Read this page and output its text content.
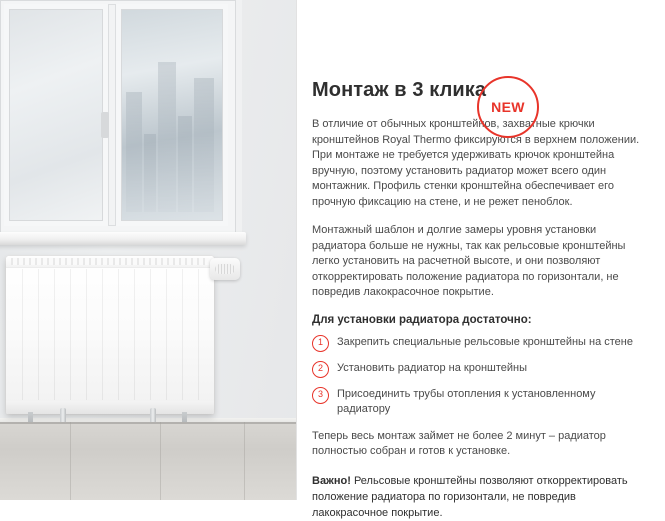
NEW
Монтаж в 3 клика

В отличие от обычных кронштейнов, захватные крючки кронштейнов Royal Thermo фиксируются в верхнем положении. При монтаже не требуется удерживать крючок кронштейна вручную, поэтому установить радиатор может всего один монтажник. Профиль стенки кронштейна обеспечивает его прочную фиксацию на стене, и не режет пеноблок.

Монтажный шаблон и долгие замеры уровня установки радиатора больше не нужны, так как рельсовые кронштейны легко установить на расчетной высоте, и они позволяют откорректировать положение радиатора по горизонтали, не повредив лакокрасочное покрытие.

Для установки радиатора достаточно:
1	Закрепить специальные рельсовые кронштейны на стене
2	Установить радиатор на кронштейны
3	Присоединить трубы отопления к установленному радиатору

Теперь весь монтаж займет не более 2 минут – радиатор полностью собран и готов к установке.

Важно! Рельсовые кронштейны позволяют откорректировать положение радиатора по горизонтали, не повредив лакокрасочное покрытие.
